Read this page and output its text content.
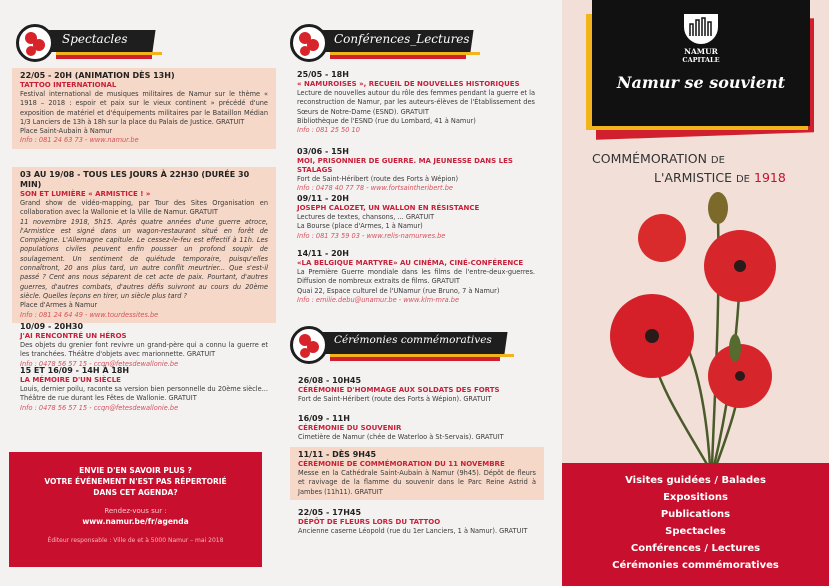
Spectacles
ENVIE D'EN SAVOIR PLUS ?
VOTRE ÉVÉNEMENT N'EST PAS RÉPERTORIÉ
DANS CET AGENDA?
Rendez-vous sur :
www.namur.be/fr/agenda
Éditeur responsable : Ville de et à 5000 Namur – mai 2018
Conférences_Lectures
Cérémonies commémoratives
NAMUR
CAPITALE
Namur se souvient
COMMÉMORATION DE
L'ARMISTICE DE 1918
Visites guidées / Balades
Expositions
Publications
Spectacles
Conférences / Lectures
Cérémonies commémoratives
22/05 - 20H (ANIMATION DÈS 13H)
TATTOO INTERNATIONAL
Festival international de musiques militaires de Namur sur le thème « 1918 – 2018 : espoir et paix sur le vieux continent » précédé d'une exposition de matériel et d'équipements militaires par le Bataillon Médian 1/3 Lanciers de 13h à 18h sur la place du Palais de Justice. GRATUIT
Place Saint-Aubain à Namur
Info : 081 24 63 73 - www.namur.be
03 AU 19/08 - TOUS LES JOURS À 22H30 (DURÉE 30 MIN)
SON ET LUMIÈRE « ARMISTICE ! »
Grand show de vidéo-mapping, par Tour des Sites Organisation en collaboration avec la Wallonie et la Ville de Namur. GRATUIT
11 novembre 1918, 5h15. Après quatre années d'une guerre atroce, l'Armistice est signé dans un wagon-restaurant situé en forêt de Compiègne. L'Allemagne capitule. Le cessez-le-feu est effectif à 11h. Les populations civiles peuvent enfin pousser un profond soupir de soulagement. Un sentiment de quiétude temporaire, puisqu'elles connaîtront, 20 ans plus tard, un autre conflit meurtrier... Que s'est-il passé ? Cent ans nous séparent de cet acte de paix. Pourtant, d'autres guerres, d'autres combats, d'autres défis suivront au cours du 20ème siècle. Quelles leçons en tirer, un siècle plus tard ?
Place d'Armes à Namur
Info : 081 24 64 49 - www.tourdessites.be
10/09 - 20H30
J'AI RENCONTRÉ UN HÉROS
Des objets du grenier font revivre un grand-père qui a connu la guerre et les tranchées. Théâtre d'objets avec marionnette. GRATUIT
Info : 0478 56 57 15 - ccqn@fetesdewallonie.be
15 ET 16/09 - 14H À 18H
LA MÉMOIRE D'UN SIÈCLE
Louis, dernier poilu, raconte sa version bien personnelle du 20ème siècle... Théâtre de rue durant les Fêtes de Wallonie. GRATUIT
Info : 0478 56 57 15 - ccqn@fetesdewallonie.be
25/05 - 18H
« NAMUROISES », RECUEIL DE NOUVELLES HISTORIQUES
Lecture de nouvelles autour du rôle des femmes pendant la guerre et la reconstruction de Namur, par les auteurs-élèves de l'Établissement des Sœurs de Notre-Dame (ESND). GRATUIT
Bibliothèque de l'ESND (rue du Lombard, 41 à Namur)
Info : 081 25 50 10
03/06 - 15H
MOI, PRISONNIER DE GUERRE. MA JEUNESSE DANS LES STALAGS
Fort de Saint-Héribert (route des Forts à Wépion)
Info : 0478 40 77 78 - www.fortsaintheribert.be
09/11 - 20H
JOSEPH CALOZET, UN WALLON EN RÉSISTANCE
Lectures de textes, chansons, ... GRATUIT
La Bourse (place d'Armes, 1 à Namur)
Info : 081 73 59 03 - www.relis-namurwes.be
14/11 - 20H
«LA BELGIQUE MARTYRE» AU CINÉMA, CINÉ-CONFÉRENCE
La Première Guerre mondiale dans les films de l'entre-deux-guerres. Diffusion de nombreux extraits de films. GRATUIT
Quai 22, Espace culturel de l'UNamur (rue Bruno, 7 à Namur)
Info : emilie.debu@unamur.be - www.klm-mra.be
26/08 - 10H45
CÉRÉMONIE D'HOMMAGE AUX SOLDATS DES FORTS
Fort de Saint-Héribert (route des Forts à Wépion). GRATUIT
16/09 - 11H
CÉRÉMONIE DU SOUVENIR
Cimetière de Namur (chée de Waterloo à St-Servais). GRATUIT
11/11 - DÈS 9H45
CÉRÉMONIE DE COMMÉMORATION DU 11 NOVEMBRE
Messe en la Cathédrale Saint-Aubain à Namur (9h45). Dépôt de fleurs et ravivage de la flamme du souvenir dans le Parc Reine Astrid à Jambes (11h11). GRATUIT
22/05 - 17H45
DÉPÔT DE FLEURS LORS DU TATTOO
Ancienne caserne Léopold (rue du 1er Lanciers, 1 à Namur). GRATUIT
